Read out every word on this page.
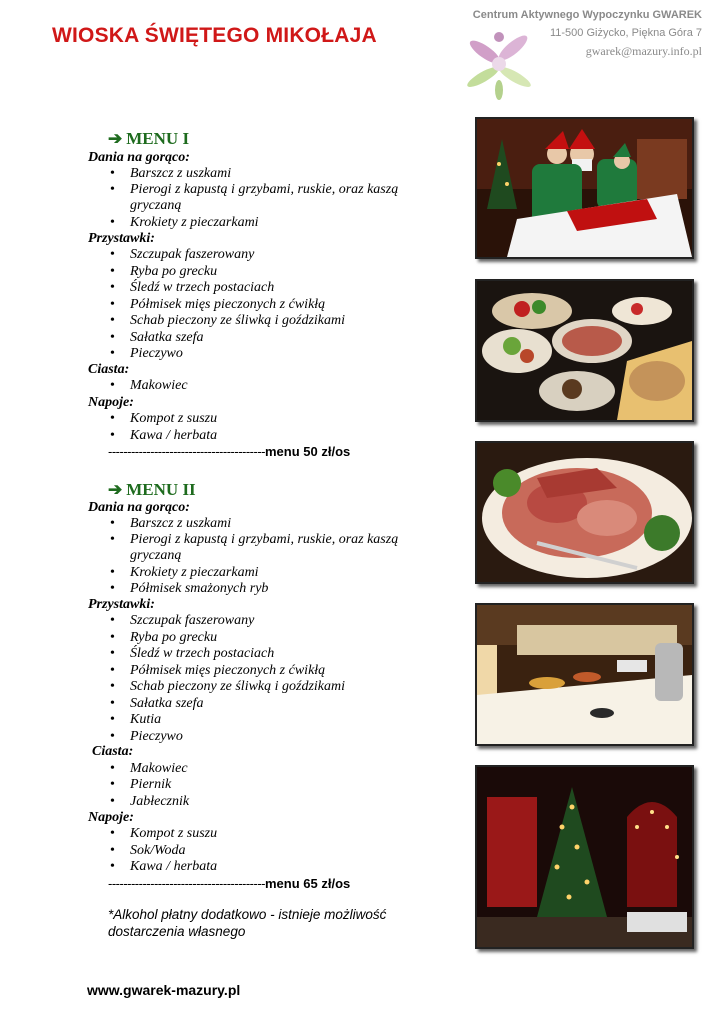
WIOSKA ŚWIĘTEGO MIKOŁAJA
Centrum Aktywnego Wypoczynku GWAREK
11-500 Giżycko, Piękna Góra 7
gwarek@mazury.info.pl
➔ MENU I
Dania na gorąco:
• Barszcz z uszkami
• Pierogi z kapustą i grzybami, ruskie, oraz kaszą
gryczaną
• Krokiety z pieczarkami
Przystawki:
• Szczupak faszerowany
• Ryba po grecku
• Śledź w trzech postaciach
• Półmisek mięs pieczonych z ćwikłą
• Schab pieczony ze śliwką i goździkami
• Sałatka szefa
• Pieczywo
Ciasta:
• Makowiec
Napoje:
• Kompot z suszu
• Kawa / herbata
-----------------------------------------menu 50 zł/os
➔ MENU II
Dania na gorąco:
• Barszcz z uszkami
• Pierogi z kapustą i grzybami, ruskie, oraz kaszą
gryczaną
• Krokiety z pieczarkami
• Półmisek smażonych ryb
Przystawki:
• Szczupak faszerowany
• Ryba po grecku
• Śledź w trzech postaciach
• Półmisek mięs pieczonych z ćwikłą
• Schab pieczony ze śliwką i goździkami
• Sałatka szefa
• Kutia
• Pieczywo
Ciasta:
• Makowiec
• Piernik
• Jabłecznik
Napoje:
• Kompot z suszu
• Sok/Woda
• Kawa / herbata
-----------------------------------------menu 65 zł/os
*Alkohol płatny dodatkowo - istnieje możliwość dostarczenia własnego
www.gwarek-mazury.pl
